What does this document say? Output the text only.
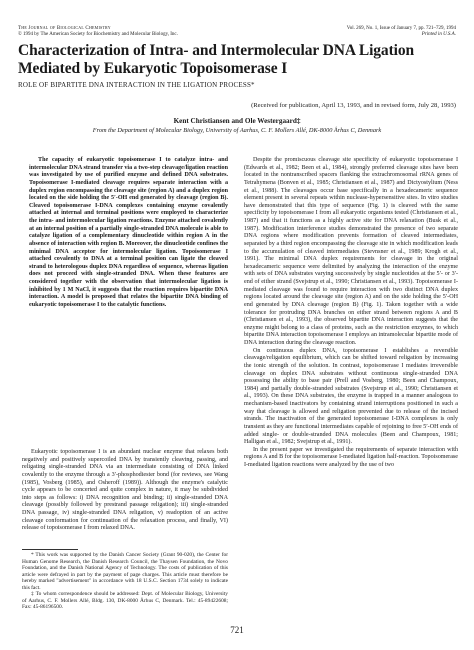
The Journal of Biological Chemistry
© 1994 by The American Society for Biochemistry and Molecular Biology, Inc.
Vol. 269, No. 1, Issue of January 7, pp. 721–729, 1994
Printed in U.S.A.
Characterization of Intra- and Intermolecular DNA Ligation Mediated by Eukaryotic Topoisomerase I
ROLE OF BIPARTITE DNA INTERACTION IN THE LIGATION PROCESS*
(Received for publication, April 13, 1993, and in revised form, July 28, 1993)
Kent Christiansen and Ole Westergaard‡
From the Department of Molecular Biology, University of Aarhus, C. F. Mollers Allé, DK-8000 Århus C, Denmark

The capacity of eukaryotic topoisomerase I to catalyze intra- and intermolecular DNA strand transfer via a two-step cleavage/ligation reaction was investigated by use of purified enzyme and defined DNA substrates. Topoisomerase I-mediated cleavage requires separate interaction with a duplex region encompassing the cleavage site (region A) and a duplex region located on the side holding the 5′-OH end generated by cleavage (region B). Cleaved topoisomerase I-DNA complexes containing enzyme covalently attached at internal and terminal positions were employed to characterize the intra- and intermolecular ligation reactions. Enzyme attached covalently at an internal position of a partially single-stranded DNA molecule is able to catalyze ligation of a complementary dinucleotide within region A in the absence of interaction with region B. Moreover, the dinucleotide confines the minimal DNA acceptor for intermolecular ligation. Topoisomerase I attached covalently to DNA at a terminal position can ligate the cleaved strand to heterologous duplex DNA regardless of sequence, whereas ligation does not proceed with single-stranded DNA. When these features are considered together with the observation that intermolecular ligation is inhibited by 1 M NaCl, it suggests that the reaction requires bipartite DNA interaction. A model is proposed that relates the bipartite DNA binding of eukaryotic topoisomerase I to the catalytic functions.

Eukaryotic topoisomerase I is an abundant nuclear enzyme that relaxes both negatively and positively supercoiled DNA by transiently cleaving, passing, and religating single-stranded DNA via an intermediate consisting of DNA linked covalently to the enzyme through a 3′-phosphodiester bond (for reviews, see Wang (1985), Vosberg (1985), and Osheroff (1989)). Although the enzyme's catalytic cycle appears to be concerted and quite complex in nature, it may be subdivided into steps as follows: i) DNA recognition and binding; ii) single-stranded DNA cleavage (possibly followed by prestrand passage religation); iii) single-stranded DNA passage, iv) single-stranded DNA religation, v) readoption of an active cleavage conformation for continuation of the relaxation process, and finally, VI) release of topoisomerase I from relaxed DNA.

* This work was supported by the Danish Cancer Society (Grant 90-020), the Center for Human Genome Research, the Danish Research Council, the Thaysen Foundation, the Novo Foundation, and the Danish National Agency of Technology. The costs of publication of this article were defrayed in part by the payment of page charges. This article must therefore be hereby marked "advertisement" in accordance with 18 U.S.C. Section 1734 solely to indicate this fact.

‡ To whom correspondence should be addressed: Dept. of Molecular Biology, University of Aarhus, C. F. Mollers Allé, Bldg. 130, DK-8000 Århus C, Denmark. Tel.: 45-89422608; Fax: 45-86196500.

Despite the promiscuous cleavage site specificity of eukaryotic topoisomerase I (Edwards et al., 1982; Been et al., 1984), strongly preferred cleavage sites have been located in the nontranscribed spacers flanking the extrachromosomal rRNA genes of Tetrahymena (Bonven et al., 1985; Christiansen et al., 1987) and Dictyostylium (Ness et al., 1988). The cleavages occur base specifically in a hexadecameric sequence element present in several repeats within nuclease-hypersensitive sites. In vitro studies have demonstrated that this type of sequence (Fig. 1) is cleaved with the same specificity by topoisomerase I from all eukaryotic organisms tested (Christiansen et al., 1987) and that it functions as a highly active site for DNA relaxation (Busk et al., 1987). Modification interference studies demonstrated the presence of two separate DNA regions where modification prevents formation of cleaved intermediates, separated by a third region encompassing the cleavage site in which modification leads to the accumulation of cleaved intermediates (Stevnsner et al., 1989; Krogh et al., 1991). The minimal DNA duplex requirements for cleavage in the original hexadecameric sequence were delimited by analyzing the interaction of the enzyme with sets of DNA substrates varying successively by single nucleotides at the 5′- or 3′-end of either strand (Svejstrup et al., 1990; Christiansen et al., 1993). Topoisomerase I-mediated cleavage was found to require interaction with two distinct DNA duplex regions located around the cleavage site (region A) and on the side holding the 5′-OH end generated by DNA cleavage (region B) (Fig. 1). Taken together with a wide tolerance for protruding DNA branches on either strand between regions A and B (Christiansen et al., 1993), the observed bipartite DNA interaction suggests that the enzyme might belong to a class of proteins, such as the restriction enzymes, to which bipartite DNA interaction topoisomerase I employs an intramolecular bipartite mode of DNA interaction during the cleavage reaction.

On continuous duplex DNA, topoisomerase I establishes a reversible cleavage/religation equilibrium, which can be shifted toward religation by increasing the ionic strength of the solution. In contrast, topoisomerase I mediates irreversible cleavage on duplex DNA substrates without continuous single-stranded DNA possessing the ability to base pair (Prell and Vosberg, 1980; Been and Champoux, 1984) and partially double-stranded substrates (Svejstrup et al., 1990; Christiansen et al., 1993). On these DNA substrates, the enzyme is trapped in a manner analogous to mechanism-based inactivators by containing strand interruptions positioned in such a way that cleavage is allowed and religation prevented due to release of the incised strands. The inactivation of the generated topoisomerase I-DNA complexes is only transient as they are functional intermediates capable of rejoining to free 5′-OH ends of added single- or double-stranded DNA molecules (Been and Champoux, 1981; Halligan et al., 1982; Svejstrup et al., 1991).

In the present paper we investigated the requirements of separate interaction with regions A and B for the topoisomerase I-mediated ligation half-reaction. Topoisomerase I-mediated ligation reactions were analyzed by the use of two

721
